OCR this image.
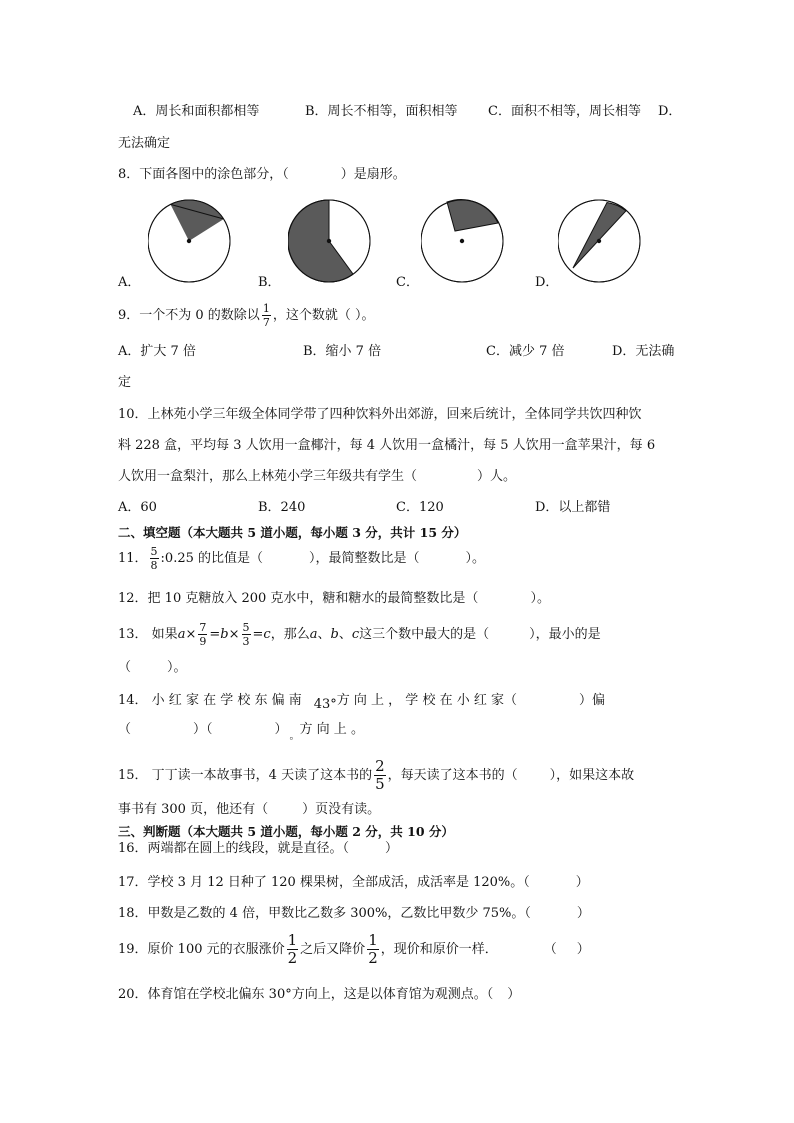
A．周长和面积都相等	B．周长不相等，面积相等 C．面积不相等，周长相等 D．
无法确定
8．下面各图中的涂色部分，（	）是扇形。
A．	B．	C．	D．
9．一个不为 0 的数除以 $\frac{1}{7}$ ，这个数就（ ）。
A．扩大 7 倍	B．缩小 7 倍	C．减少 7 倍	D．无法确
定
10．上林苑小学三年级全体同学带了四种饮料外出郊游，回来后统计，全体同学共饮四种饮
料 228 盒，平均每 3 人饮用一盒椰汁，每 4 人饮用一盒橘汁，每 5 人饮用一盒苹果汁，每 6
人饮用一盒梨汁，那么上林苑小学三年级共有学生（	）人。
A．60	B．240	C．120	D．以上都错
二、填空题（本大题共 5 道小题，每小题 3 分，共计 15 分）
11． $\frac{5}{8}$ :0.25 的比值是（	），最简整数比是（	）。
12．把 10 克糖放入 200 克水中，糖和糖水的最简整数比是（	）。
13． 如果$a\times \frac{7}{9} =b\times \frac{5}{3} =c$，那么a、b、c这三个数中最大的是（	），最小的是
（	）。
14． 小 红 家 在 学 校 东 偏 南 43°方 向 上 ， 学 校 在 小 红 家（	）偏
（	）（	） $_。$方 向 上 。
15． 丁丁读一本故事书，4 天读了这本书的 $\frac{2}{5}$ ，每天读了这本书的（ ），如果这本故
事书有 300 页，他还有（	）页没有读。
三、判断题（本大题共 5 道小题，每小题 2 分，共 10 分）
16．两端都在圆上的线段，就是直径。（	）
17．学校 3 月 12 日种了 120 棵果树，全部成活，成活率是 120%。（	）
18．甲数是乙数的 4 倍，甲数比乙数多 300%，乙数比甲数少 75%。（	）
19．原价 100 元的衣服涨价 $\frac{1}{2}$ 之后又降价 $\frac{1}{2}$ ，现价和原价一样．	（ ）
20．体育馆在学校北偏东 30°方向上，这是以体育馆为观测点。（ ）
